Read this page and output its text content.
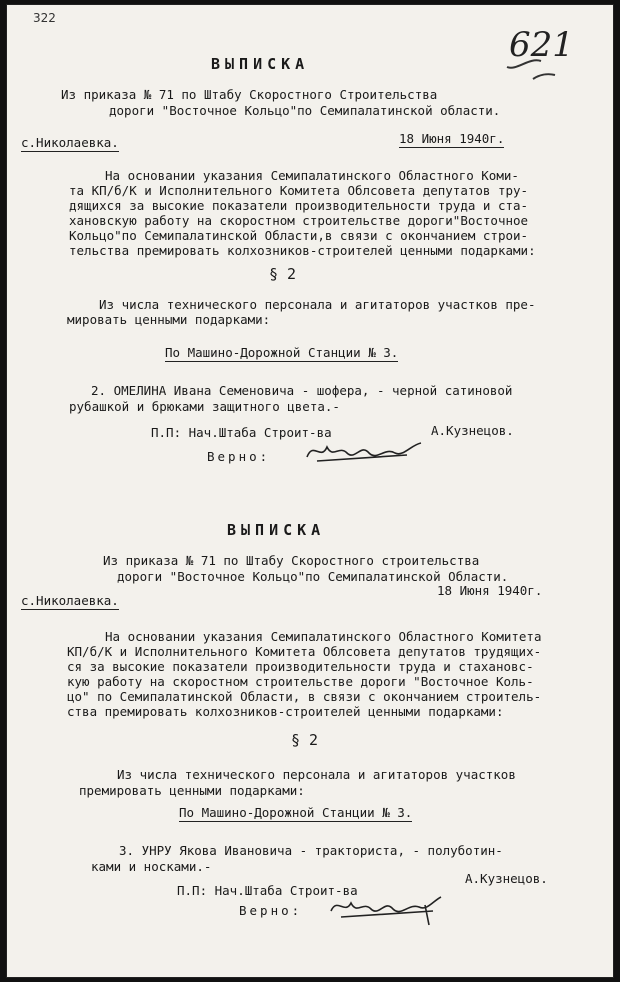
322
621
ВЫПИСКА
Из приказа № 71 по Штабу Скоростного Строительства
дороги "Восточное Кольцо"по Семипалатинской области.
с.Николаевка.	18 Июня 1940г.
На основании указания Семипалатинского Областного Коми-
та КП/б/К и Исполнительного Комитета Облсовета депутатов тру-
дящихся за высокие показатели производительности труда и ста-
хановскую работу на скоростном строительстве дороги"Восточное
Кольцо"по Семипалатинской Области,в связи с окончанием строи-
тельства премировать колхозников-строителей ценными подарками:
§ 2
Из числа технического персонала и агитаторов участков пре-
мировать ценными подарками:
По Машино-Дорожной Станции № 3.
2. ОМЕЛИНА Ивана Семеновича - шофера, - черной сатиновой
рубашкой и брюками защитного цвета.-
П.П: Нач.Штаба Строит-ва	А.Кузнецов.
Верно:
ВЫПИСКА
Из приказа № 71 по Штабу Скоростного строительства
дороги "Восточное Кольцо"по Семипалатинской Области.
с.Николаевка.
18 Июня 1940г.
На основании указания Семипалатинского Областного Комитета
КП/б/К и Исполнительного Комитета Облсовета депутатов трудящих-
ся за высокие показатели производительности труда и стахановс-
кую работу на скоростном строительстве дороги "Восточное Коль-
цо" по Семипалатинской Области, в связи с окончанием строитель-
ства премировать колхозников-строителей ценными подарками:
§ 2
Из числа технического персонала и агитаторов участков
премировать ценными подарками:
По Машино-Дорожной Станции № 3.
3. УНРУ Якова Ивановича - тракториста, - полуботин-
ками и носками.-
П.П: Нач.Штаба Строит-ва
А.Кузнецов.
Верно:
